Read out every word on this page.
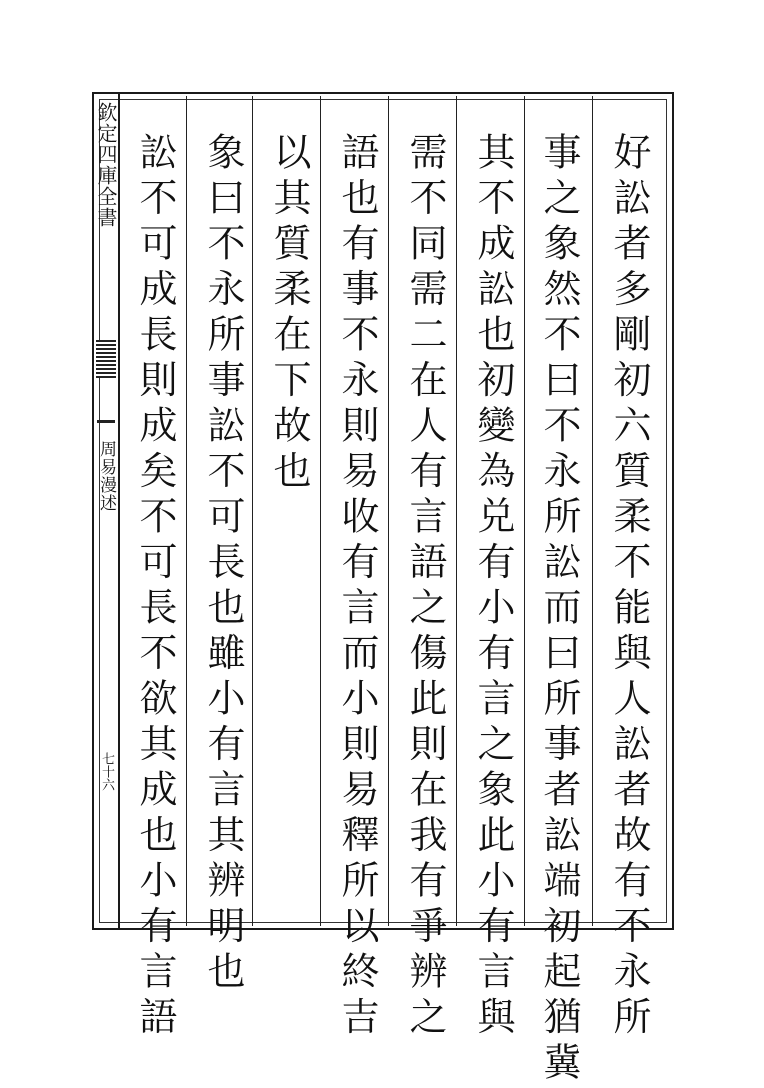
欽定四庫全書
周易漫述
七十六	好訟者多剛初六質柔不能與人訟者故有不永所
事之象然不曰不永所訟而曰所事者訟端初起猶冀
其不成訟也初變為兑有小有言之象此小有言與
需不同需二在人有言語之傷此則在我有爭辨之
語也有事不永則易收有言而小則易釋所以終吉
以其質柔在下故也
象曰不永所事訟不可長也雖小有言其辨明也
訟不可成長則成矣不可長不欲其成也小有言語
